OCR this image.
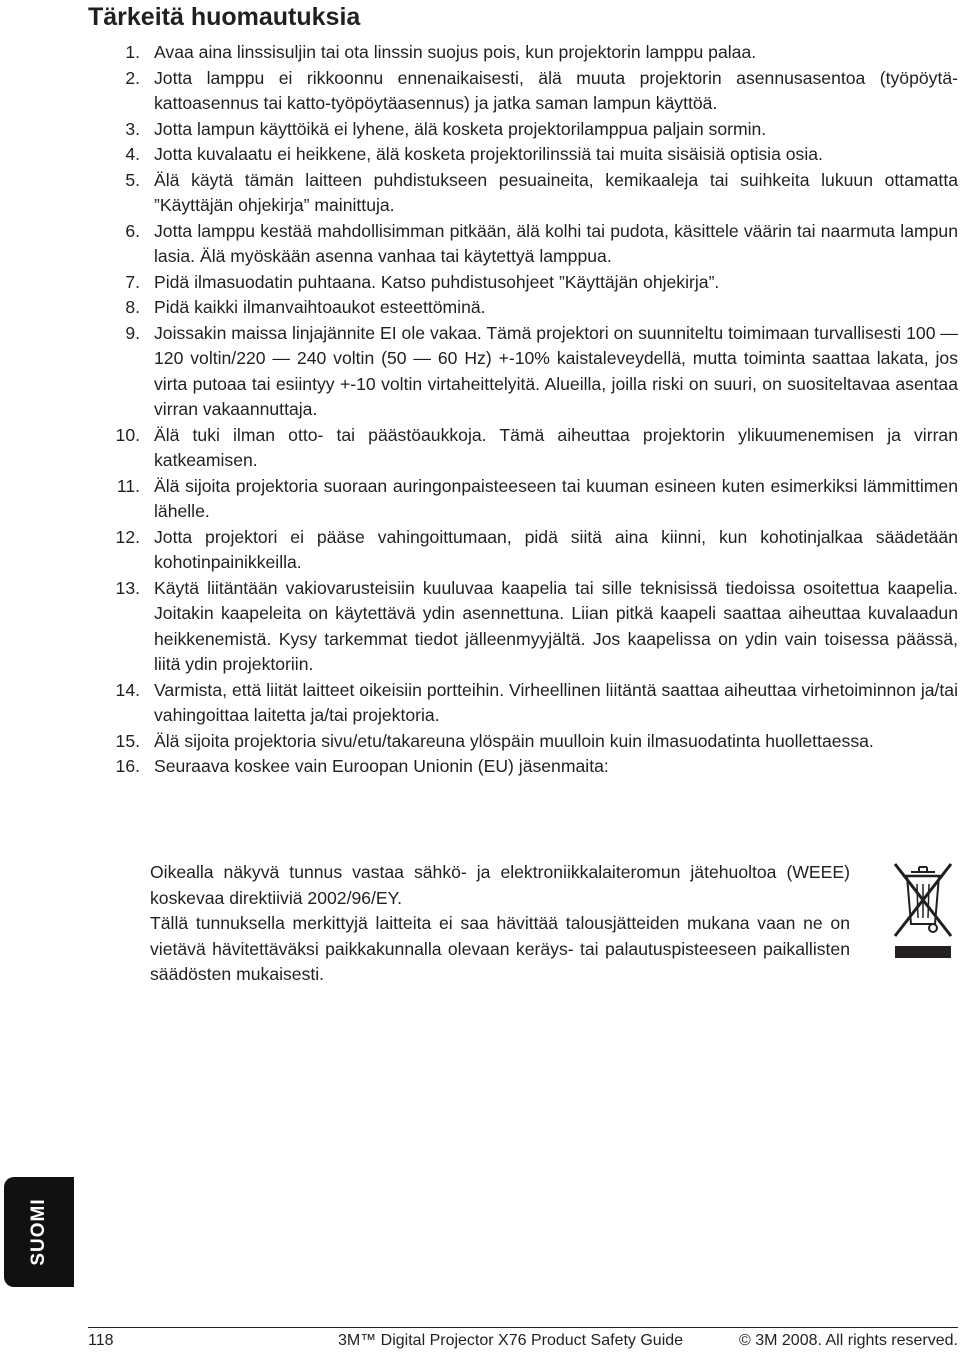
Tärkeitä huomautuksia
1. Avaa aina linssisuljin tai ota linssin suojus pois, kun projektorin lamppu palaa.
2. Jotta lamppu ei rikkoonnu ennenaikaisesti, älä muuta projektorin asennusasentoa (työpöytä-kattoasennus tai katto-työpöytäasennus) ja jatka saman lampun käyttöä.
3. Jotta lampun käyttöikä ei lyhene, älä kosketa projektorilamppua paljain sormin.
4. Jotta kuvalaatu ei heikkene, älä kosketa projektorilinssiä tai muita sisäisiä optisia osia.
5. Älä käytä tämän laitteen puhdistukseen pesuaineita, kemikaaleja tai suihkeita lukuun ottamatta ”Käyttäjän ohjekirja” mainittuja.
6. Jotta lamppu kestää mahdollisimman pitkään, älä kolhi tai pudota, käsittele väärin tai naarmuta lampun lasia. Älä myöskään asenna vanhaa tai käytettyä lamppua.
7. Pidä ilmasuodatin puhtaana. Katso puhdistusohjeet ”Käyttäjän ohjekirja”.
8. Pidä kaikki ilmanvaihtoaukot esteettöminä.
9. Joissakin maissa linjajännite EI ole vakaa. Tämä projektori on suunniteltu toimimaan turvallisesti 100 — 120 voltin/220 — 240 voltin (50 — 60 Hz) +-10% kaistaleveydellä, mutta toiminta saattaa lakata, jos virta putoaa tai esiintyy +-10 voltin virtaheittelyitä. Alueilla, joilla riski on suuri, on suositeltavaa asentaa virran vakaannuttaja.
10. Älä tuki ilman otto- tai päästöaukkoja. Tämä aiheuttaa projektorin ylikuumenemisen ja virran katkeamisen.
11. Älä sijoita projektoria suoraan auringonpaisteeseen tai kuuman esineen kuten esimerkiksi lämmittimen lähelle.
12. Jotta projektori ei pääse vahingoittumaan, pidä siitä aina kiinni, kun kohotinjalkaa säädetään kohotinpainikkeilla.
13. Käytä liitäntään vakiovarusteisiin kuuluvaa kaapelia tai sille teknisissä tiedoissa osoitettua kaapelia. Joitakin kaapeleita on käytettävä ydin asennettuna. Liian pitkä kaapeli saattaa aiheuttaa kuvalaadun heikkenemistä. Kysy tarkemmat tiedot jälleenmyyjältä. Jos kaapelissa on ydin vain toisessa päässä, liitä ydin projektoriin.
14. Varmista, että liität laitteet oikeisiin portteihin. Virheellinen liitäntä saattaa aiheuttaa virhetoiminnon ja/tai vahingoittaa laitetta ja/tai projektoria.
15. Älä sijoita projektoria sivu/etu/takareuna ylöspäin muulloin kuin ilmasuodatinta huollettaessa.
16. Seuraava koskee vain Euroopan Unionin (EU) jäsenmaita:

Oikealla näkyvä tunnus vastaa sähkö- ja elektroniikkalaiteromun jätehuoltoa (WEEE) koskevaa direktiiviä 2002/96/EY.

Tällä tunnuksella merkittyjä laitteita ei saa hävittää talousjätteiden mukana vaan ne on vietävä hävitettäväksi paikkakunnalla olevaan keräys- tai palautuspisteeseen paikallisten säädösten mukaisesti.

SUOMI
118	3M™ Digital Projector X76 Product Safety Guide	© 3M 2008. All rights reserved.
